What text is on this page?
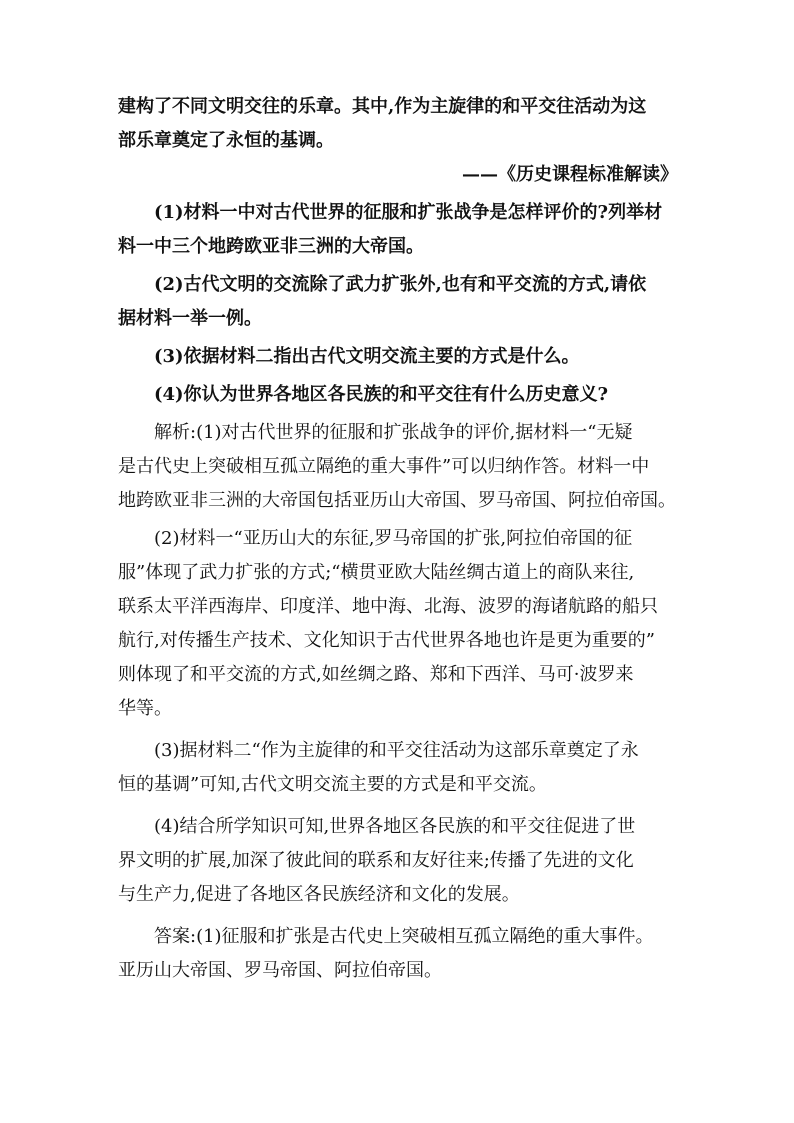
建构了不同文明交往的乐章。其中,作为主旋律的和平交往活动为这
部乐章奠定了永恒的基调。
——《历史课程标准解读》
(1)材料一中对古代世界的征服和扩张战争是怎样评价的?列举材
料一中三个地跨欧亚非三洲的大帝国。
(2)古代文明的交流除了武力扩张外,也有和平交流的方式,请依
据材料一举一例。
(3)依据材料二指出古代文明交流主要的方式是什么。
(4)你认为世界各地区各民族的和平交往有什么历史意义?
解析:(1)对古代世界的征服和扩张战争的评价,据材料一“无疑
是古代史上突破相互孤立隔绝的重大事件”可以归纳作答。材料一中
地跨欧亚非三洲的大帝国包括亚历山大帝国、罗马帝国、阿拉伯帝国。
(2)材料一“亚历山大的东征,罗马帝国的扩张,阿拉伯帝国的征
服”体现了武力扩张的方式;“横贯亚欧大陆丝绸古道上的商队来往,
联系太平洋西海岸、印度洋、地中海、北海、波罗的海诸航路的船只
航行,对传播生产技术、文化知识于古代世界各地也许是更为重要的”
则体现了和平交流的方式,如丝绸之路、郑和下西洋、马可·波罗来
华等。
(3)据材料二“作为主旋律的和平交往活动为这部乐章奠定了永
恒的基调”可知,古代文明交流主要的方式是和平交流。
(4)结合所学知识可知,世界各地区各民族的和平交往促进了世
界文明的扩展,加深了彼此间的联系和友好往来;传播了先进的文化
与生产力,促进了各地区各民族经济和文化的发展。
答案:(1)征服和扩张是古代史上突破相互孤立隔绝的重大事件。
亚历山大帝国、罗马帝国、阿拉伯帝国。
